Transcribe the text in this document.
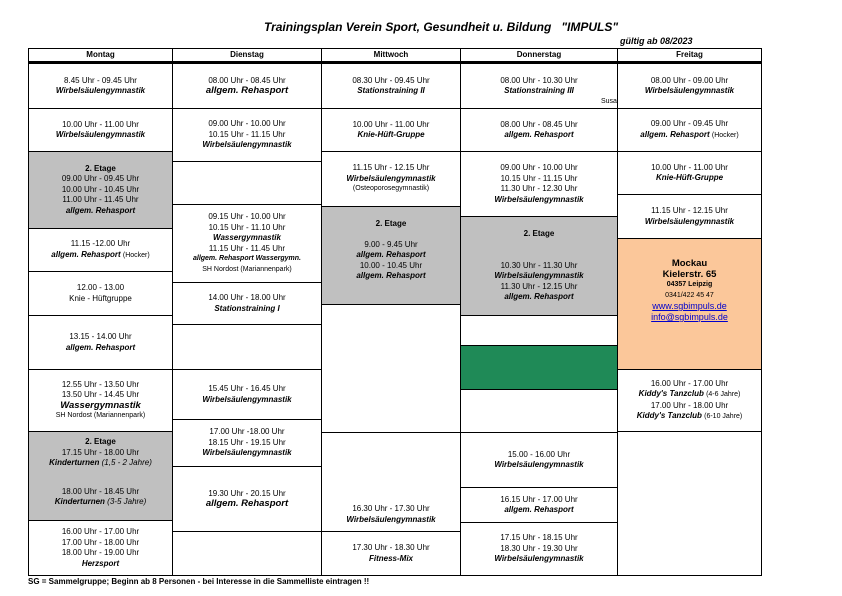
Trainingsplan Verein Sport, Gesundheit u. Bildung "IMPULS"
gültig ab 08/2023
Montag
8.45 Uhr - 09.45 Uhr
Wirbelsäulengymnastik
10.00 Uhr - 11.00 Uhr
Wirbelsäulengymnastik
2. Etage
09.00 Uhr - 09.45 Uhr
10.00 Uhr - 10.45 Uhr
11.00 Uhr - 11.45 Uhr
allgem. Rehasport
11.15 -12.00 Uhr
allgem. Rehasport (Hocker)
12.00 - 13.00
Knie - Hüftgruppe
13.15 - 14.00 Uhr
allgem. Rehasport
12.55 Uhr - 13.50 Uhr
13.50 Uhr - 14.45 Uhr
Wassergymnastik
SH Nordost (Mariannenpark)
2. Etage
17.15 Uhr - 18.00 Uhr
Kinderturnen (1,5 - 2 Jahre)
18.00 Uhr - 18.45 Uhr
Kinderturnen (3-5 Jahre)
16.00 Uhr - 17.00 Uhr
17.00 Uhr - 18.00 Uhr
18.00 Uhr - 19.00 Uhr
Herzsport
Dienstag
08.00 Uhr - 08.45 Uhr
allgem. Rehasport
09.00 Uhr - 10.00 Uhr
10.15 Uhr - 11.15 Uhr
Wirbelsäulengymnastik
09.15 Uhr - 10.00 Uhr
10.15 Uhr - 11.10 Uhr
Wassergymnastik
11.15 Uhr - 11.45 Uhr
allgem. Rehasport Wassergymn.
SH Nordost (Mariannenpark)
14.00 Uhr - 18.00 Uhr
Stationstraining I
15.45 Uhr - 16.45 Uhr
Wirbelsäulengymnastik
17.00 Uhr -18.00 Uhr
18.15 Uhr - 19.15 Uhr
Wirbelsäulengymnastik
19.30 Uhr - 20.15 Uhr
allgem. Rehasport
Mittwoch
08.30 Uhr - 09.45 Uhr
Stationstraining II
10.00 Uhr - 11.00 Uhr
Knie-Hüft-Gruppe
11.15 Uhr - 12.15 Uhr
Wirbelsäulengymnastik
(Osteoporosegymnastik)
2. Etage

9.00 - 9.45 Uhr
allgem. Rehasport
10.00 - 10.45 Uhr
allgem. Rehasport

16.30 Uhr - 17.30 Uhr
Wirbelsäulengymnastik
17.30 Uhr - 18.30 Uhr
Fitness-Mix
Donnerstag
08.00 Uhr - 10.30 Uhr
Stationstraining III
08.00 Uhr - 08.45 Uhr
allgem. Rehasport
09.00 Uhr - 10.00 Uhr
10.15 Uhr - 11.15 Uhr
11.30 Uhr - 12.30 Uhr
Wirbelsäulengymnastik
2. Etage

10.30 Uhr - 11.30 Uhr
Wirbelsäulengymnastik
11.30 Uhr - 12.15 Uhr
allgem. Rehasport
15.00 - 16.00 Uhr
Wirbelsäulengymnastik
16.15 Uhr - 17.00 Uhr
allgem. Rehasport
17.15 Uhr - 18.15 Uhr
18.30 Uhr - 19.30 Uhr
Wirbelsäulengymnastik
Freitag
08.00 Uhr - 09.00 Uhr
Wirbelsäulengymnastik
09.00 Uhr - 09.45 Uhr
allgem. Rehasport (Hocker)
10.00 Uhr - 11.00 Uhr
Knie-Hüft-Gruppe
11.15 Uhr - 12.15 Uhr
Wirbelsäulengymnastik
Mockau
Kielerstr. 65
04357 Leipzig
0341/422 45 47
www.sgbimpuls.de
info@sgbimpuls.de
16.00 Uhr - 17.00 Uhr
Kiddy's Tanzclub (4-6 Jahre)
17.00 Uhr - 18.00 Uhr
Kiddy's Tanzclub (6-10 Jahre)
Susa
SG = Sammelgruppe; Beginn ab 8 Personen - bei Interesse in die Sammelliste eintragen !!
